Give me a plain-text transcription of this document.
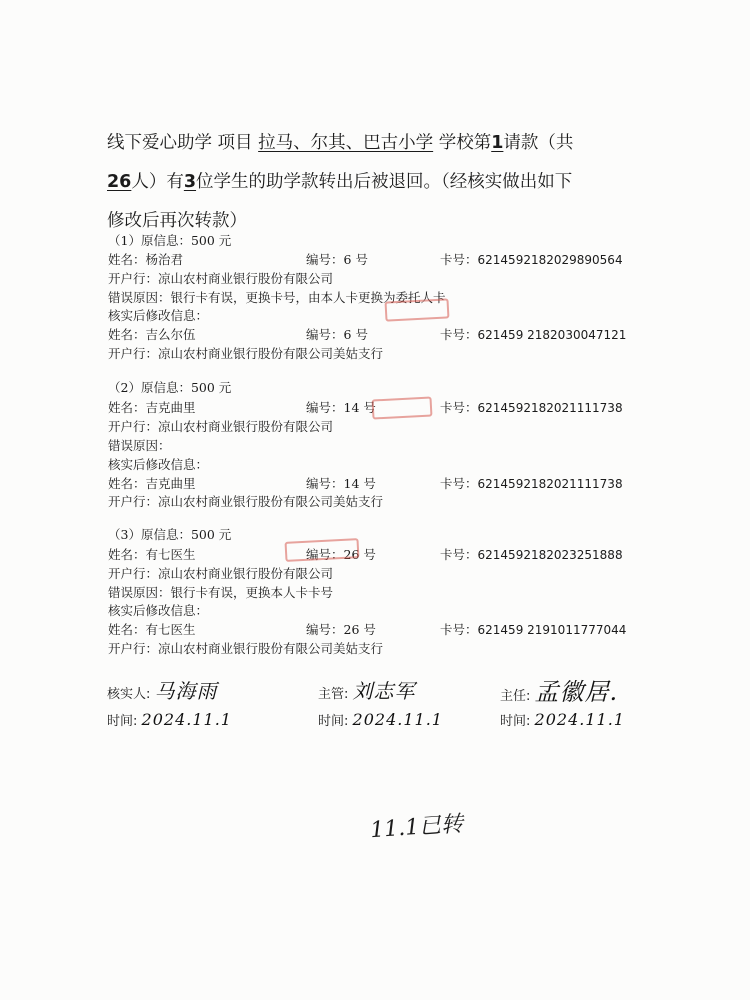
线下爱心助学 项目 拉马、尔其、巴古小学 学校第1请款（共
26人）有3位学生的助学款转出后被退回。（经核实做出如下
修改后再次转款）
（1）原信息：500 元
姓名：杨治君	编号：6 号	卡号：6214592182029890564
开户行：凉山农村商业银行股份有限公司
错误原因：银行卡有误，更换卡号，由本人卡更换为委托人卡
核实后修改信息：
姓名：吉么尔伍	编号：6 号	卡号：621459 2182030047121
开户行：凉山农村商业银行股份有限公司美姑支行
（2）原信息：500 元
姓名：吉克曲里	编号：14 号	卡号：6214592182021111738
开户行：凉山农村商业银行股份有限公司
错误原因：
核实后修改信息：
姓名：吉克曲里	编号：14 号	卡号：6214592182021111738
开户行：凉山农村商业银行股份有限公司美姑支行
（3）原信息：500 元
姓名：有七医生	编号：26 号	卡号：6214592182023251888
开户行：凉山农村商业银行股份有限公司
错误原因：银行卡有误，更换本人卡卡号
核实后修改信息：
姓名：有七医生	编号：26 号	卡号：621459 2191011777044
开户行：凉山农村商业银行股份有限公司美姑支行
核实人: 马海雨	主管: 刘志军	主任: 孟徽居.
时间: 2024.11.1	时间: 2024.11.1	时间: 2024.11.1
11.1已转
